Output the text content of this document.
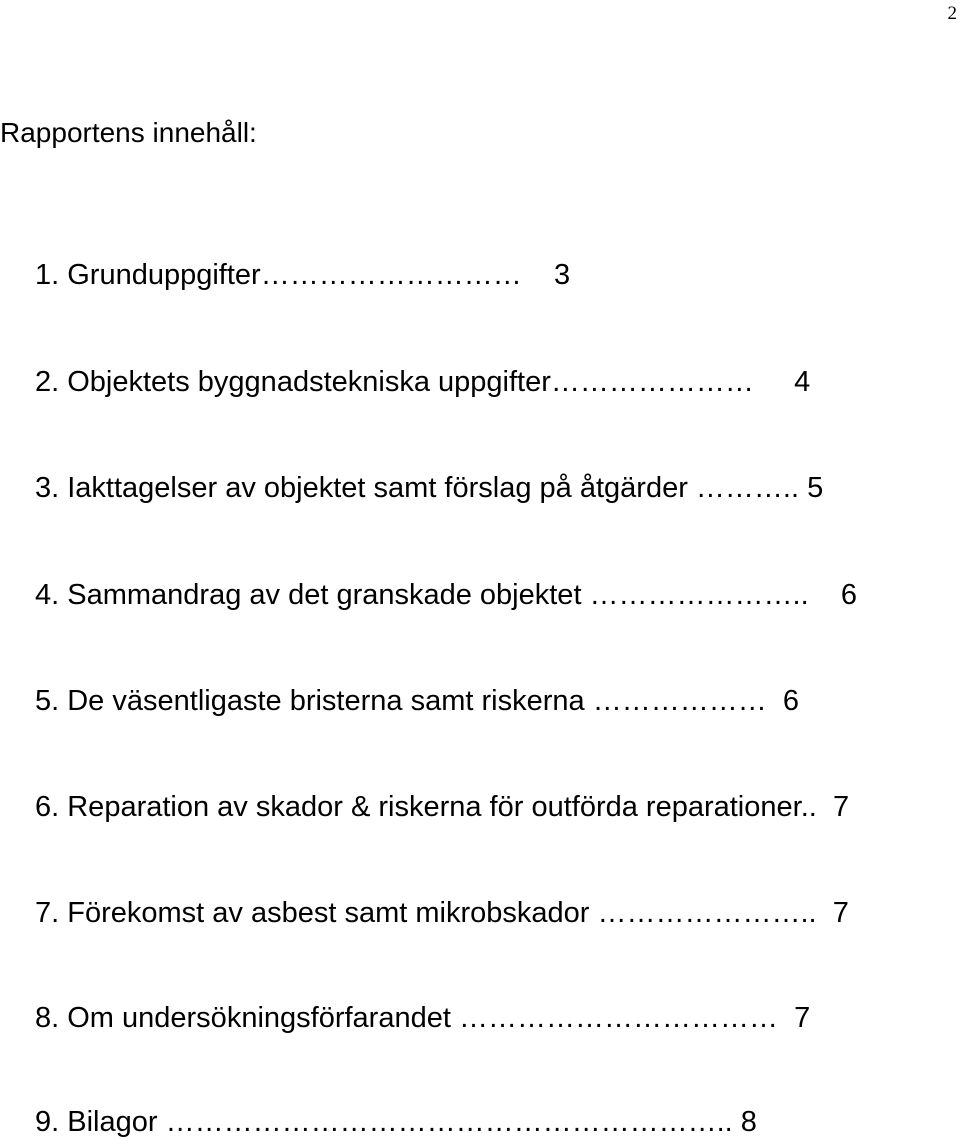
2
Rapportens innehåll:
1. Grunduppgifter……………………… 3
2. Objektets byggnadstekniska uppgifter………………… 4
3. Iakttagelser av objektet samt förslag på åtgärder ……….. 5
4. Sammandrag av det granskade objektet ………………….. 6
5. De väsentligaste bristerna samt riskerna ……………… 6
6. Reparation av skador & riskerna för outförda reparationer.. 7
7. Förekomst av asbest samt mikrobskador ………………….. 7
8. Om undersökningsförfarandet …………………………… 7
9. Bilagor ………………………………………………….. 8
